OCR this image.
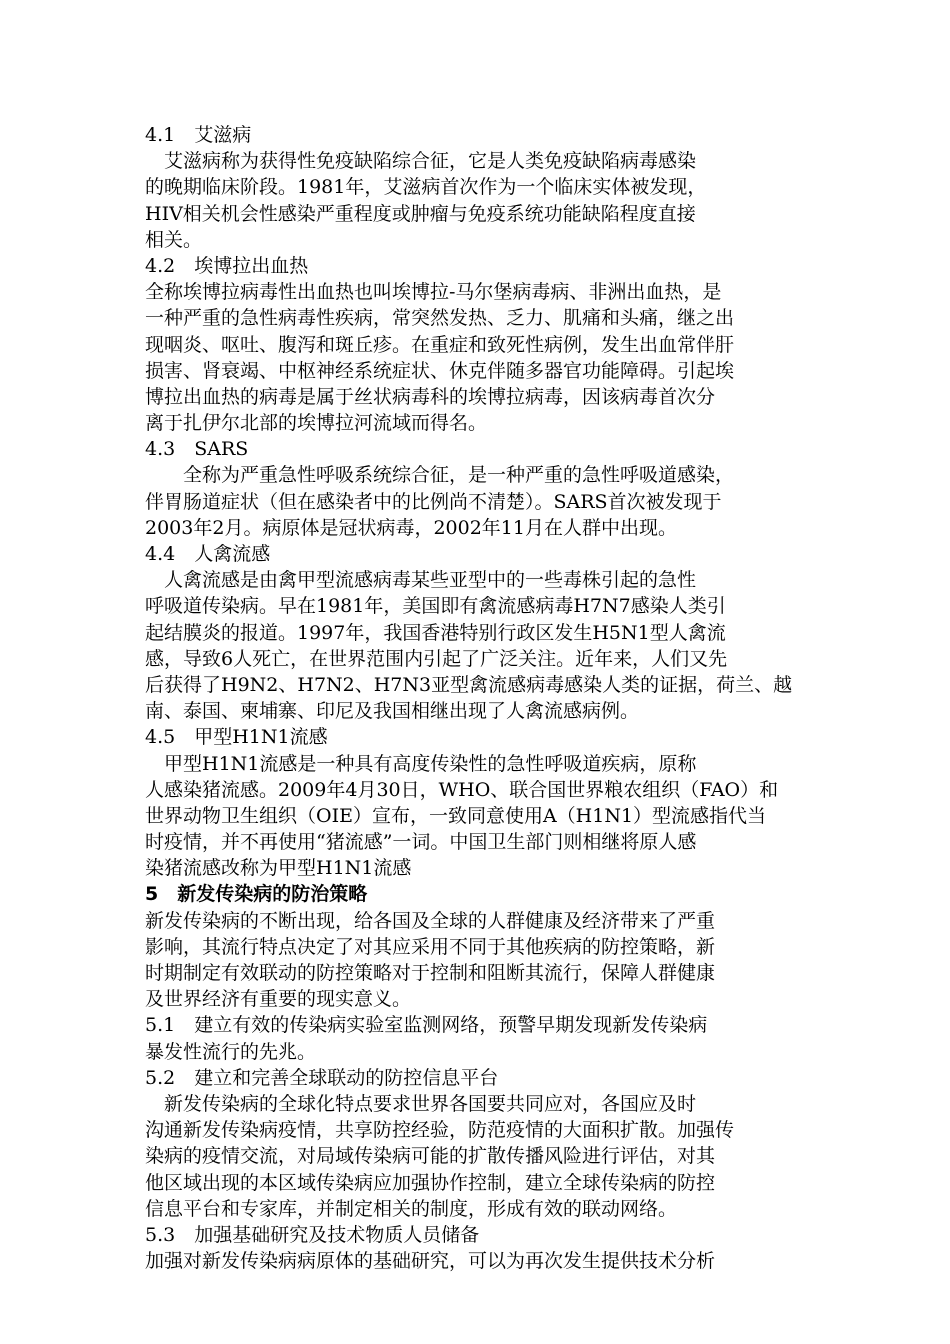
4.1　艾滋病
　艾滋病称为获得性免疫缺陷综合征，它是人类免疫缺陷病毒感染
的晚期临床阶段。1981年，艾滋病首次作为一个临床实体被发现，
HIV相关机会性感染严重程度或肿瘤与免疫系统功能缺陷程度直接
相关。
4.2　埃博拉出血热
全称埃博拉病毒性出血热也叫埃博拉-马尔堡病毒病、非洲出血热，是
一种严重的急性病毒性疾病，常突然发热、乏力、肌痛和头痛，继之出
现咽炎、呕吐、腹泻和斑丘疹。在重症和致死性病例，发生出血常伴肝
损害、肾衰竭、中枢神经系统症状、休克伴随多器官功能障碍。引起埃
博拉出血热的病毒是属于丝状病毒科的埃博拉病毒，因该病毒首次分
离于扎伊尔北部的埃博拉河流域而得名。
4.3　SARS
　　全称为严重急性呼吸系统综合征，是一种严重的急性呼吸道感染，
伴胃肠道症状（但在感染者中的比例尚不清楚）。SARS首次被发现于
2003年2月。病原体是冠状病毒，2002年11月在人群中出现。
4.4　人禽流感
　人禽流感是由禽甲型流感病毒某些亚型中的一些毒株引起的急性
呼吸道传染病。早在1981年，美国即有禽流感病毒H7N7感染人类引
起结膜炎的报道。1997年，我国香港特别行政区发生H5N1型人禽流
感，导致6人死亡，在世界范围内引起了广泛关注。近年来，人们又先
后获得了H9N2、H7N2、H7N3亚型禽流感病毒感染人类的证据，荷兰、越
南、泰国、柬埔寨、印尼及我国相继出现了人禽流感病例。
4.5　甲型H1N1流感
　甲型H1N1流感是一种具有高度传染性的急性呼吸道疾病，原称
人感染猪流感。2009年4月30日，WHO、联合国世界粮农组织（FAO）和
世界动物卫生组织（OIE）宣布，一致同意使用A（H1N1）型流感指代当
时疫情，并不再使用“猪流感”一词。中国卫生部门则相继将原人感
染猪流感改称为甲型H1N1流感
5　新发传染病的防治策略
新发传染病的不断出现，给各国及全球的人群健康及经济带来了严重
影响，其流行特点决定了对其应采用不同于其他疾病的防控策略，新
时期制定有效联动的防控策略对于控制和阻断其流行，保障人群健康
及世界经济有重要的现实意义。
5.1　建立有效的传染病实验室监测网络，预警早期发现新发传染病
暴发性流行的先兆。
5.2　建立和完善全球联动的防控信息平台
　新发传染病的全球化特点要求世界各国要共同应对，各国应及时
沟通新发传染病疫情，共享防控经验，防范疫情的大面积扩散。加强传
染病的疫情交流，对局域传染病可能的扩散传播风险进行评估，对其
他区域出现的本区域传染病应加强协作控制，建立全球传染病的防控
信息平台和专家库，并制定相关的制度，形成有效的联动网络。
5.3　加强基础研究及技术物质人员储备
加强对新发传染病病原体的基础研究，可以为再次发生提供技术分析
